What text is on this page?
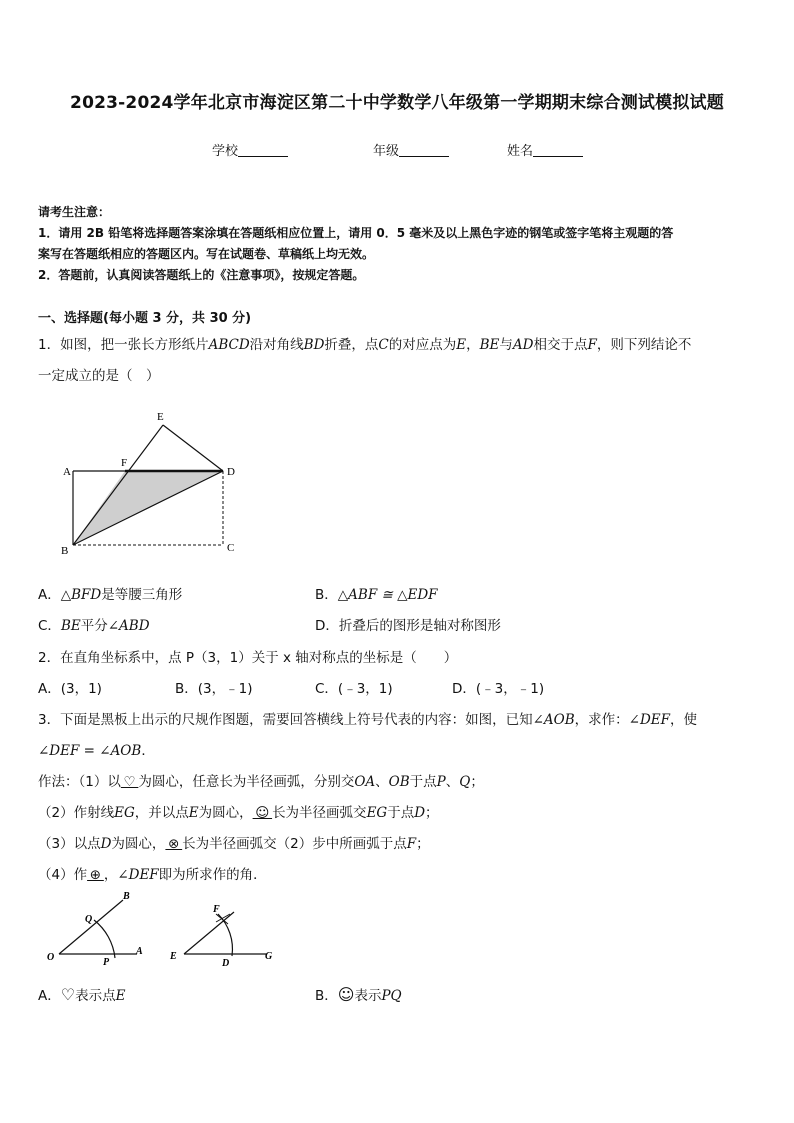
2023-2024学年北京市海淀区第二十中学数学八年级第一学期期末综合测试模拟试题
学校	年级	姓名
请考生注意：
1．请用 2B 铅笔将选择题答案涂填在答题纸相应位置上，请用 0．5 毫米及以上黑色字迹的钢笔或签字笔将主观题的答
案写在答题纸相应的答题区内。写在试题卷、草稿纸上均无效。
2．答题前，认真阅读答题纸上的《注意事项》，按规定答题。
一、选择题(每小题 3 分，共 30 分)
1．如图，把一张长方形纸片ABCD沿对角线BD折叠，点C的对应点为E，BE与AD相交于点F，则下列结论不
一定成立的是（　）
E
F
A	D
B	C
A．△BFD是等腰三角形	B．△ABF ≅ △EDF
C．BE平分∠ABD	D．折叠后的图形是轴对称图形
2．在直角坐标系中，点 P（3，1）关于 x 轴对称点的坐标是（　　）
A．(3，1)	B．(3，﹣1)	C．(﹣3，1)	D．(﹣3，﹣1)
3．下面是黑板上出示的尺规作图题，需要回答横线上符号代表的内容：如图，已知∠AOB，求作：∠DEF，使
∠DEF = ∠AOB．
作法：（1）以 ♡ 为圆心，任意长为半径画弧，分别交OA、OB于点P、Q；
（2）作射线EG，并以点E为圆心， ☺ 长为半径画弧交EG于点D；
（3）以点D为圆心， ⊗ 长为半径画弧交（2）步中所画弧于点F；
（4）作 ⊕ ，∠DEF即为所求作的角．
B
Q
O	P
A
F
E
D
G
A．♡表示点E	B．☺表示PQ
